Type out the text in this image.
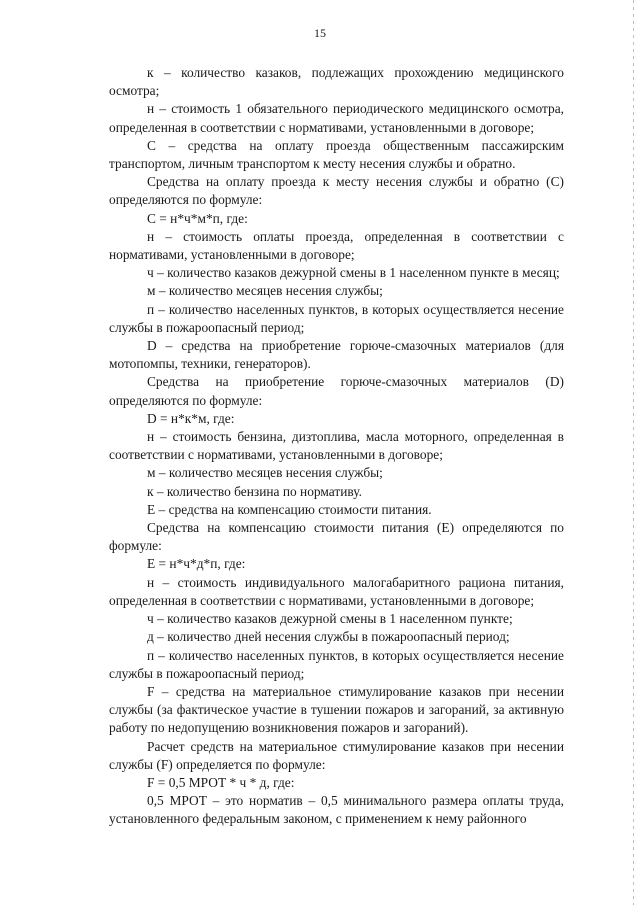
15

к – количество казаков, подлежащих прохождению медицинского осмотра;

н – стоимость 1 обязательного периодического медицинского осмотра, определенная в соответствии с нормативами, установленными в договоре;

С – средства на оплату проезда общественным пассажирским транспортом, личным транспортом к месту несения службы и обратно.

Средства на оплату проезда к месту несения службы и обратно (С) определяются по формуле:

С = н*ч*м*п, где:

н – стоимость оплаты проезда, определенная в соответствии с нормативами, установленными в договоре;

ч – количество казаков дежурной смены в 1 населенном пункте в месяц;

м – количество месяцев несения службы;

п – количество населенных пунктов, в которых осуществляется несение службы в пожароопасный период;

D – средства на приобретение горюче-смазочных материалов (для мотопомпы, техники, генераторов).

Средства на приобретение горюче-смазочных материалов (D) определяются по формуле:

D = н*к*м, где:

н – стоимость бензина, дизтоплива, масла моторного, определенная в соответствии с нормативами, установленными в договоре;

м – количество месяцев несения службы;

к – количество бензина по нормативу.

Е – средства на компенсацию стоимости питания.

Средства на компенсацию стоимости питания (Е) определяются по формуле:

Е = н*ч*д*п, где:

н – стоимость индивидуального малогабаритного рациона питания, определенная в соответствии с нормативами, установленными в договоре;

ч – количество казаков дежурной смены в 1 населенном пункте;

д – количество дней несения службы в пожароопасный период;

п – количество населенных пунктов, в которых осуществляется несение службы в пожароопасный период;

F – средства на материальное стимулирование казаков при несении службы (за фактическое участие в тушении пожаров и загораний, за активную работу по недопущению возникновения пожаров и загораний).

Расчет средств на материальное стимулирование казаков при несении службы (F) определяется по формуле:

F = 0,5 МРОТ * ч * д, где:

0,5 МРОТ – это норматив – 0,5 минимального размера оплаты труда, установленного федеральным законом, с применением к нему районного
